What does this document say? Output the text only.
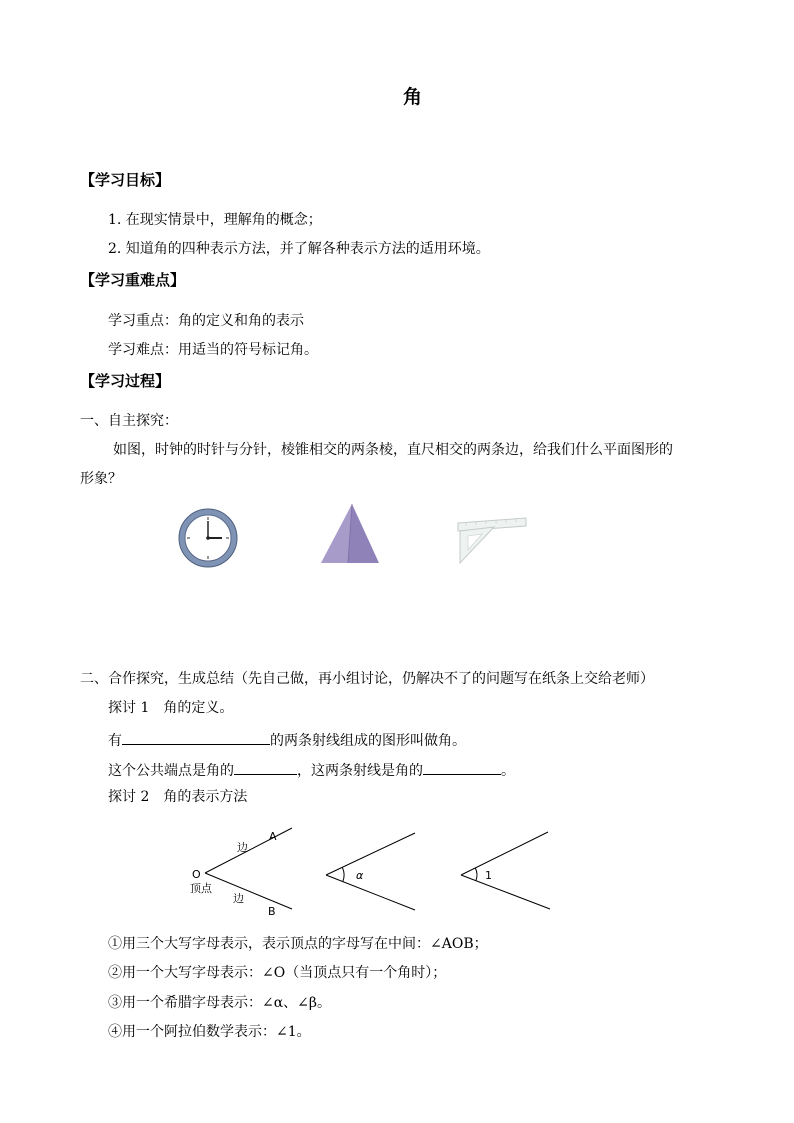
角
【学习目标】
1. 在现实情景中，理解角的概念；
2. 知道角的四种表示方法，并了解各种表示方法的适用环境。
【学习重难点】
学习重点：角的定义和角的表示
学习难点：用适当的符号标记角。
【学习过程】
一、自主探究：
如图，时钟的时针与分针，棱锥相交的两条棱，直尺相交的两条边，给我们什么平面图形的
形象？
二、合作探究，生成总结（先自己做，再小组讨论，仍解决不了的问题写在纸条上交给老师）
探讨 1　角的定义。
有	的两条射线组成的图形叫做角。
这个公共端点是角的	，这两条射线是角的	。
探讨 2　角的表示方法
边
A
O
顶点
边
B
α	1
①用三个大写字母表示，表示顶点的字母写在中间：∠AOB；
②用一个大写字母表示：∠O（当顶点只有一个角时）；
③用一个希腊字母表示：∠α、∠β。
④用一个阿拉伯数学表示：∠1。
